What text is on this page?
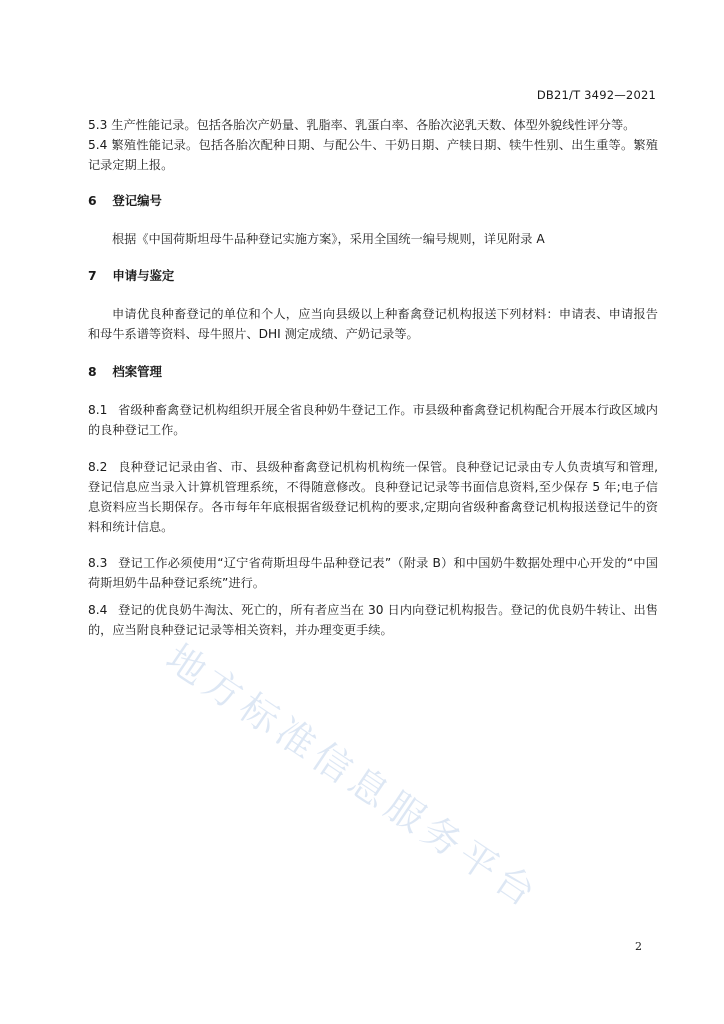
DB21/T 3492—2021
5.3 生产性能记录。包括各胎次产奶量、乳脂率、乳蛋白率、各胎次泌乳天数、体型外貌线性评分等。
5.4 繁殖性能记录。包括各胎次配种日期、与配公牛、干奶日期、产犊日期、犊牛性别、出生重等。繁殖记录定期上报。
6 登记编号
根据《中国荷斯坦母牛品种登记实施方案》，采用全国统一编号规则，详见附录 A
7 申请与鉴定
申请优良种畜登记的单位和个人，应当向县级以上种畜禽登记机构报送下列材料：申请表、申请报告和母牛系谱等资料、母牛照片、DHI 测定成绩、产奶记录等。
8 档案管理
8.1 省级种畜禽登记机构组织开展全省良种奶牛登记工作。市县级种畜禽登记机构配合开展本行政区域内的良种登记工作。
8.2 良种登记记录由省、市、县级种畜禽登记机构机构统一保管。良种登记记录由专人负责填写和管理,登记信息应当录入计算机管理系统，不得随意修改。良种登记记录等书面信息资料,至少保存 5 年;电子信息资料应当长期保存。各市每年年底根据省级登记机构的要求,定期向省级种畜禽登记机构报送登记牛的资料和统计信息。
8.3 登记工作必须使用“辽宁省荷斯坦母牛品种登记表”（附录 B）和中国奶牛数据处理中心开发的“中国荷斯坦奶牛品种登记系统”进行。
8.4 登记的优良奶牛淘汰、死亡的，所有者应当在 30 日内向登记机构报告。登记的优良奶牛转让、出售的，应当附良种登记记录等相关资料，并办理变更手续。
地方标准信息服务平台
2
